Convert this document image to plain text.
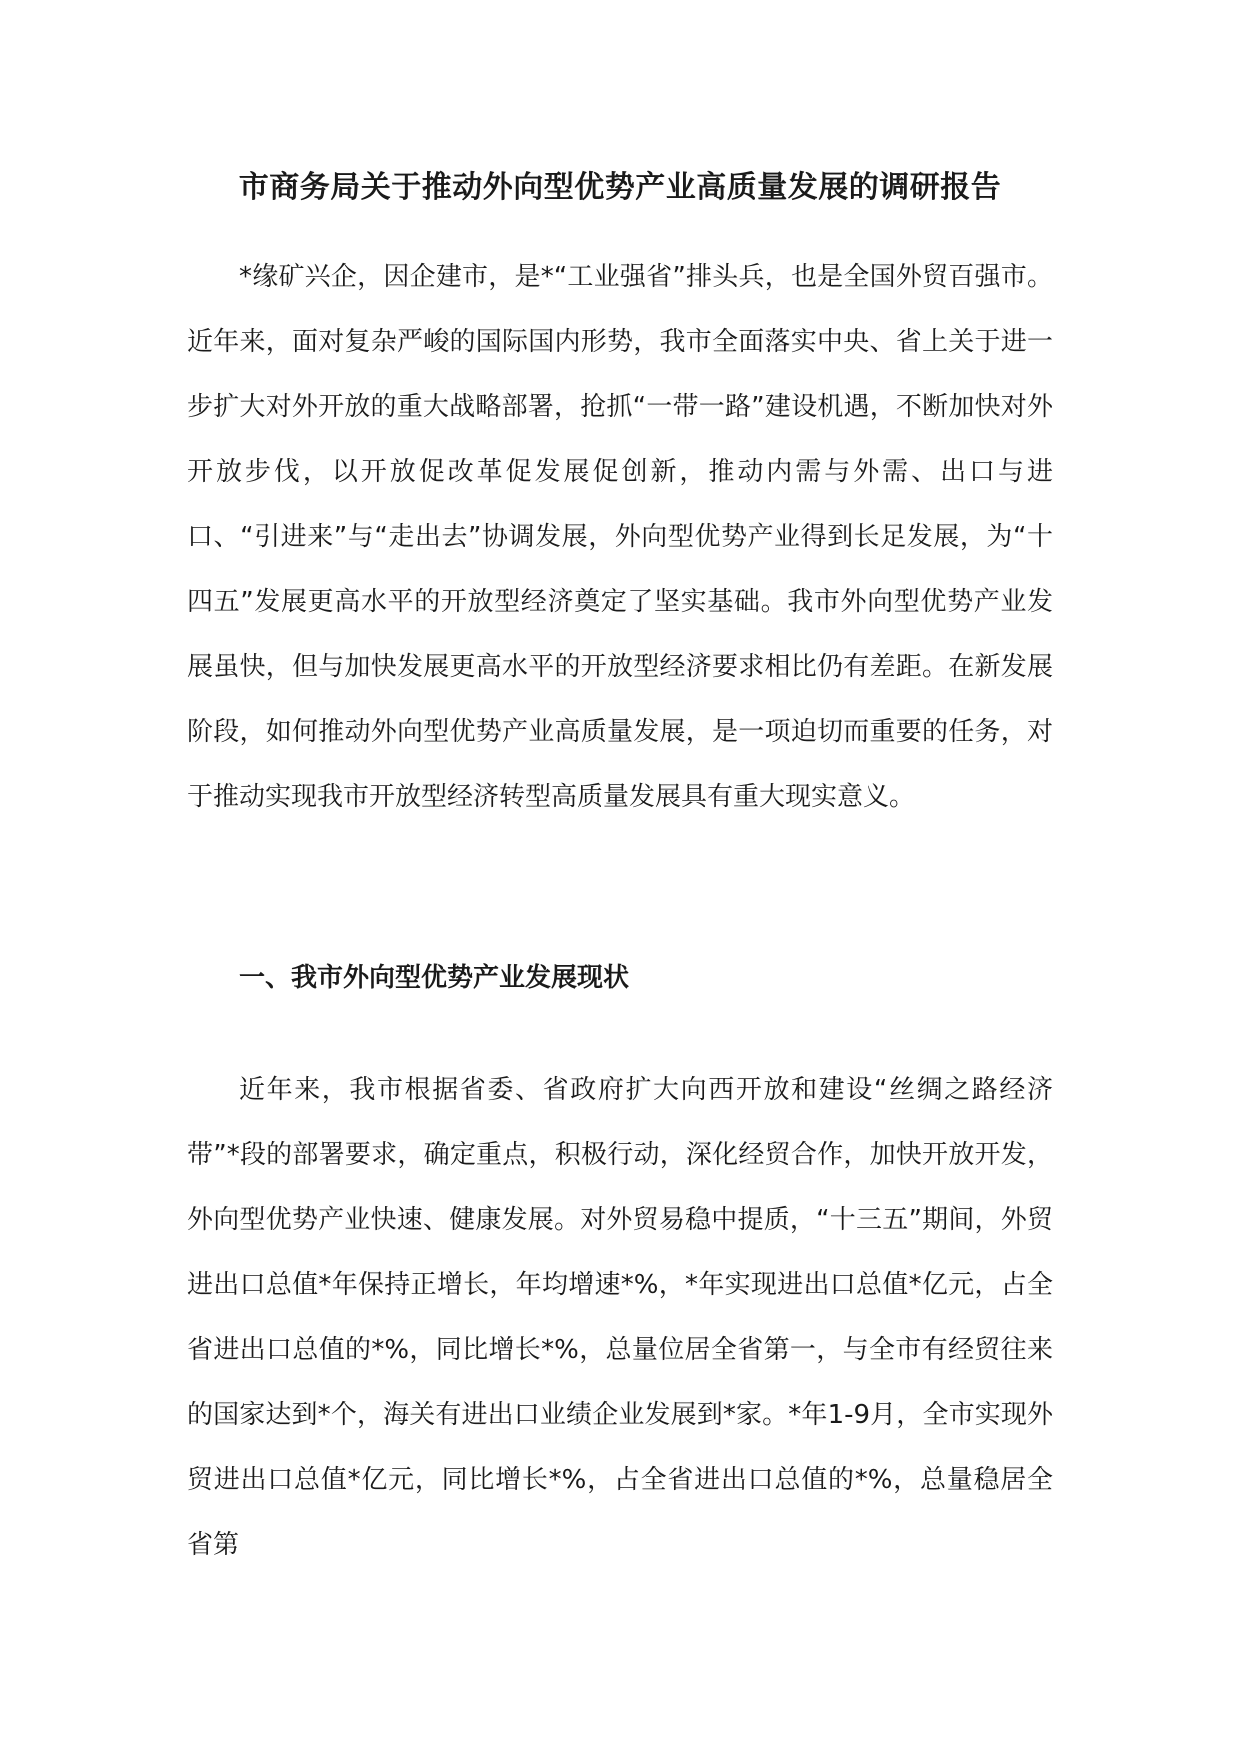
市商务局关于推动外向型优势产业高质量发展的调研报告

*缘矿兴企，因企建市，是*“工业强省”排头兵，也是全国外贸百强市。近年来，面对复杂严峻的国际国内形势，我市全面落实中央、省上关于进一步扩大对外开放的重大战略部署，抢抓“一带一路”建设机遇，不断加快对外开放步伐，以开放促改革促发展促创新，推动内需与外需、出口与进口、“引进来”与“走出去”协调发展，外向型优势产业得到长足发展，为“十四五”发展更高水平的开放型经济奠定了坚实基础。我市外向型优势产业发展虽快，但与加快发展更高水平的开放型经济要求相比仍有差距。在新发展阶段，如何推动外向型优势产业高质量发展，是一项迫切而重要的任务，对于推动实现我市开放型经济转型高质量发展具有重大现实意义。

一、我市外向型优势产业发展现状

近年来，我市根据省委、省政府扩大向西开放和建设“丝绸之路经济带”*段的部署要求，确定重点，积极行动，深化经贸合作，加快开放开发，外向型优势产业快速、健康发展。对外贸易稳中提质，“十三五”期间，外贸进出口总值*年保持正增长，年均增速*%，*年实现进出口总值*亿元，占全省进出口总值的*%，同比增长*%，总量位居全省第一，与全市有经贸往来的国家达到*个，海关有进出口业绩企业发展到*家。*年1-9月，全市实现外贸进出口总值*亿元，同比增长*%，占全省进出口总值的*%，总量稳居全省第
